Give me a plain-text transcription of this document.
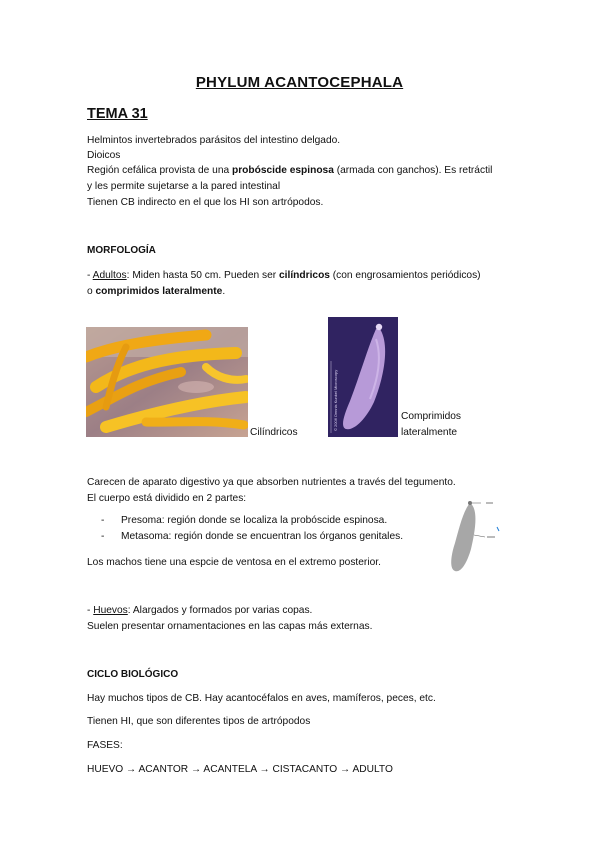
PHYLUM ACANTOCEPHALA
TEMA 31
Helmintos invertebrados parásitos del intestino delgado.
Dioicos
Región cefálica provista de una probóscide espinosa (armada con ganchos). Es retráctil
y les permite sujetarse a la pared intestinal
Tienen CB indirecto en el que los HI son artrópodos.
MORFOLOGÍA
- Adultos: Miden hasta 50 cm. Pueden ser cilíndricos (con engrosamientos periódicos)
o comprimidos lateralmente.
Cilíndricos
© 2006 Dennis Kunkel Microscopy	Comprimidos
lateralmente
Carecen de aparato digestivo ya que absorben nutrientes a través del tegumento.
El cuerpo está dividido en 2 partes:
- Presoma: región donde se localiza la probóscide espinosa.
- Metasoma: región donde se encuentran los órganos genitales.
Los machos tiene una espcie de ventosa en el extremo posterior.
- Huevos: Alargados y formados por varias copas.
Suelen presentar ornamentaciones en las capas más externas.
CICLO BIOLÓGICO
Hay muchos tipos de CB. Hay acantocéfalos en aves, mamíferos, peces, etc.
Tienen HI, que son diferentes tipos de artrópodos
FASES:
HUEVO → ACANTOR → ACANTELA → CISTACANTO → ADULTO
